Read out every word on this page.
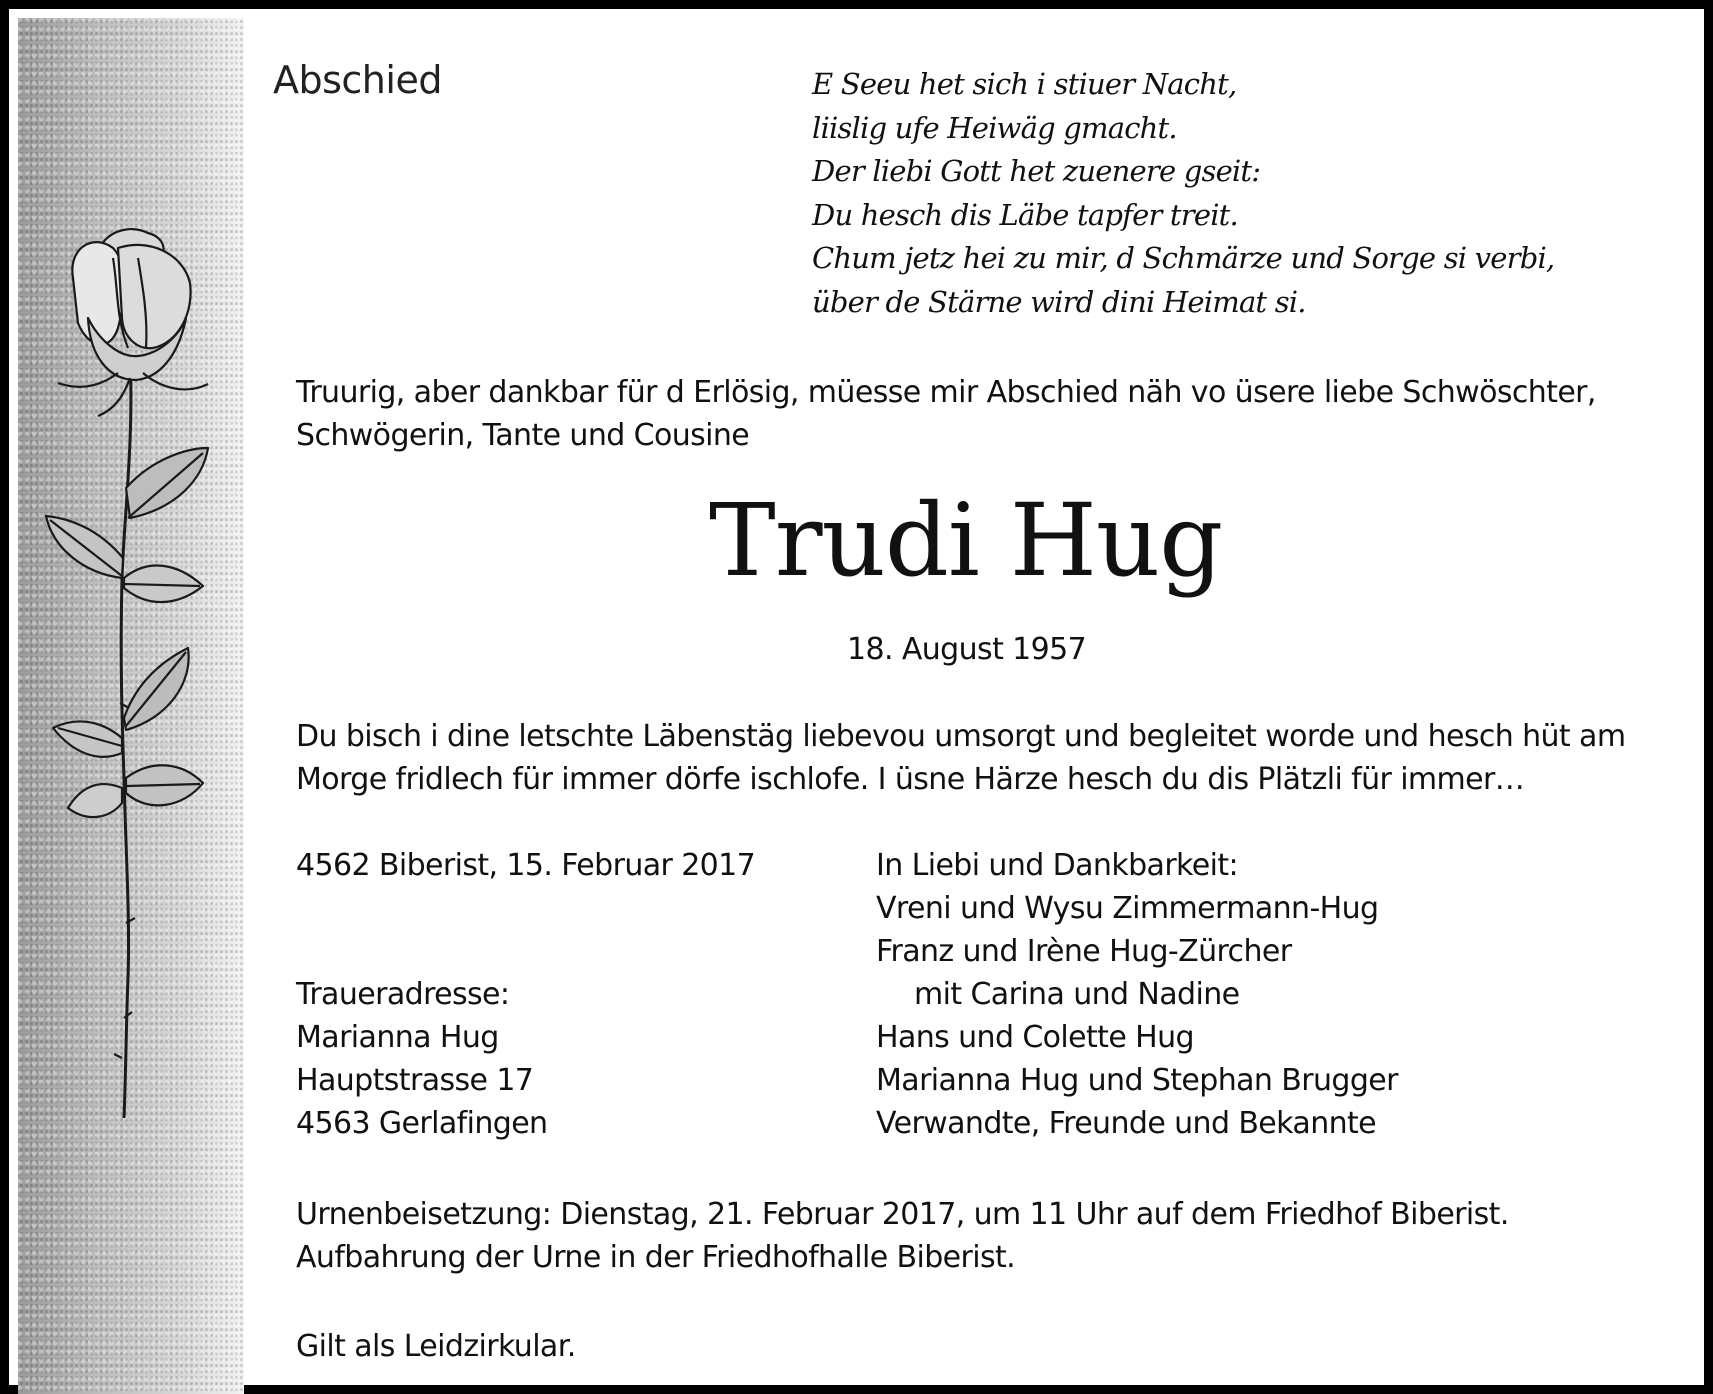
Abschied	E Seeu het sich i stiuer Nacht,
liislig ufe Heiwäg gmacht.
Der liebi Gott het zuenere gseit:
Du hesch dis Läbe tapfer treit.
Chum jetz hei zu mir, d Schmärze und Sorge si verbi,
über de Stärne wird dini Heimat si.
Truurig, aber dankbar für d Erlösig, müesse mir Abschied näh vo üsere liebe Schwöschter,
Schwögerin, Tante und Cousine
Trudi Hug
18. August 1957
Du bisch i dine letschte Läbenstäg liebevou umsorgt und begleitet worde und hesch hüt am
Morge fridlech für immer dörfe ischlofe. I üsne Härze hesch du dis Plätzli für immer…
4562 Biberist, 15. Februar 2017	In Liebi und Dankbarkeit:
Vreni und Wysu Zimmermann-Hug
Franz und Irène Hug-Zürcher
mit Carina und Nadine
Hans und Colette Hug
Marianna Hug und Stephan Brugger
Verwandte, Freunde und Bekannte
Traueradresse:
Marianna Hug
Hauptstrasse 17
4563 Gerlafingen
Urnenbeisetzung: Dienstag, 21. Februar 2017, um 11 Uhr auf dem Friedhof Biberist.
Aufbahrung der Urne in der Friedhofhalle Biberist.
Gilt als Leidzirkular.
